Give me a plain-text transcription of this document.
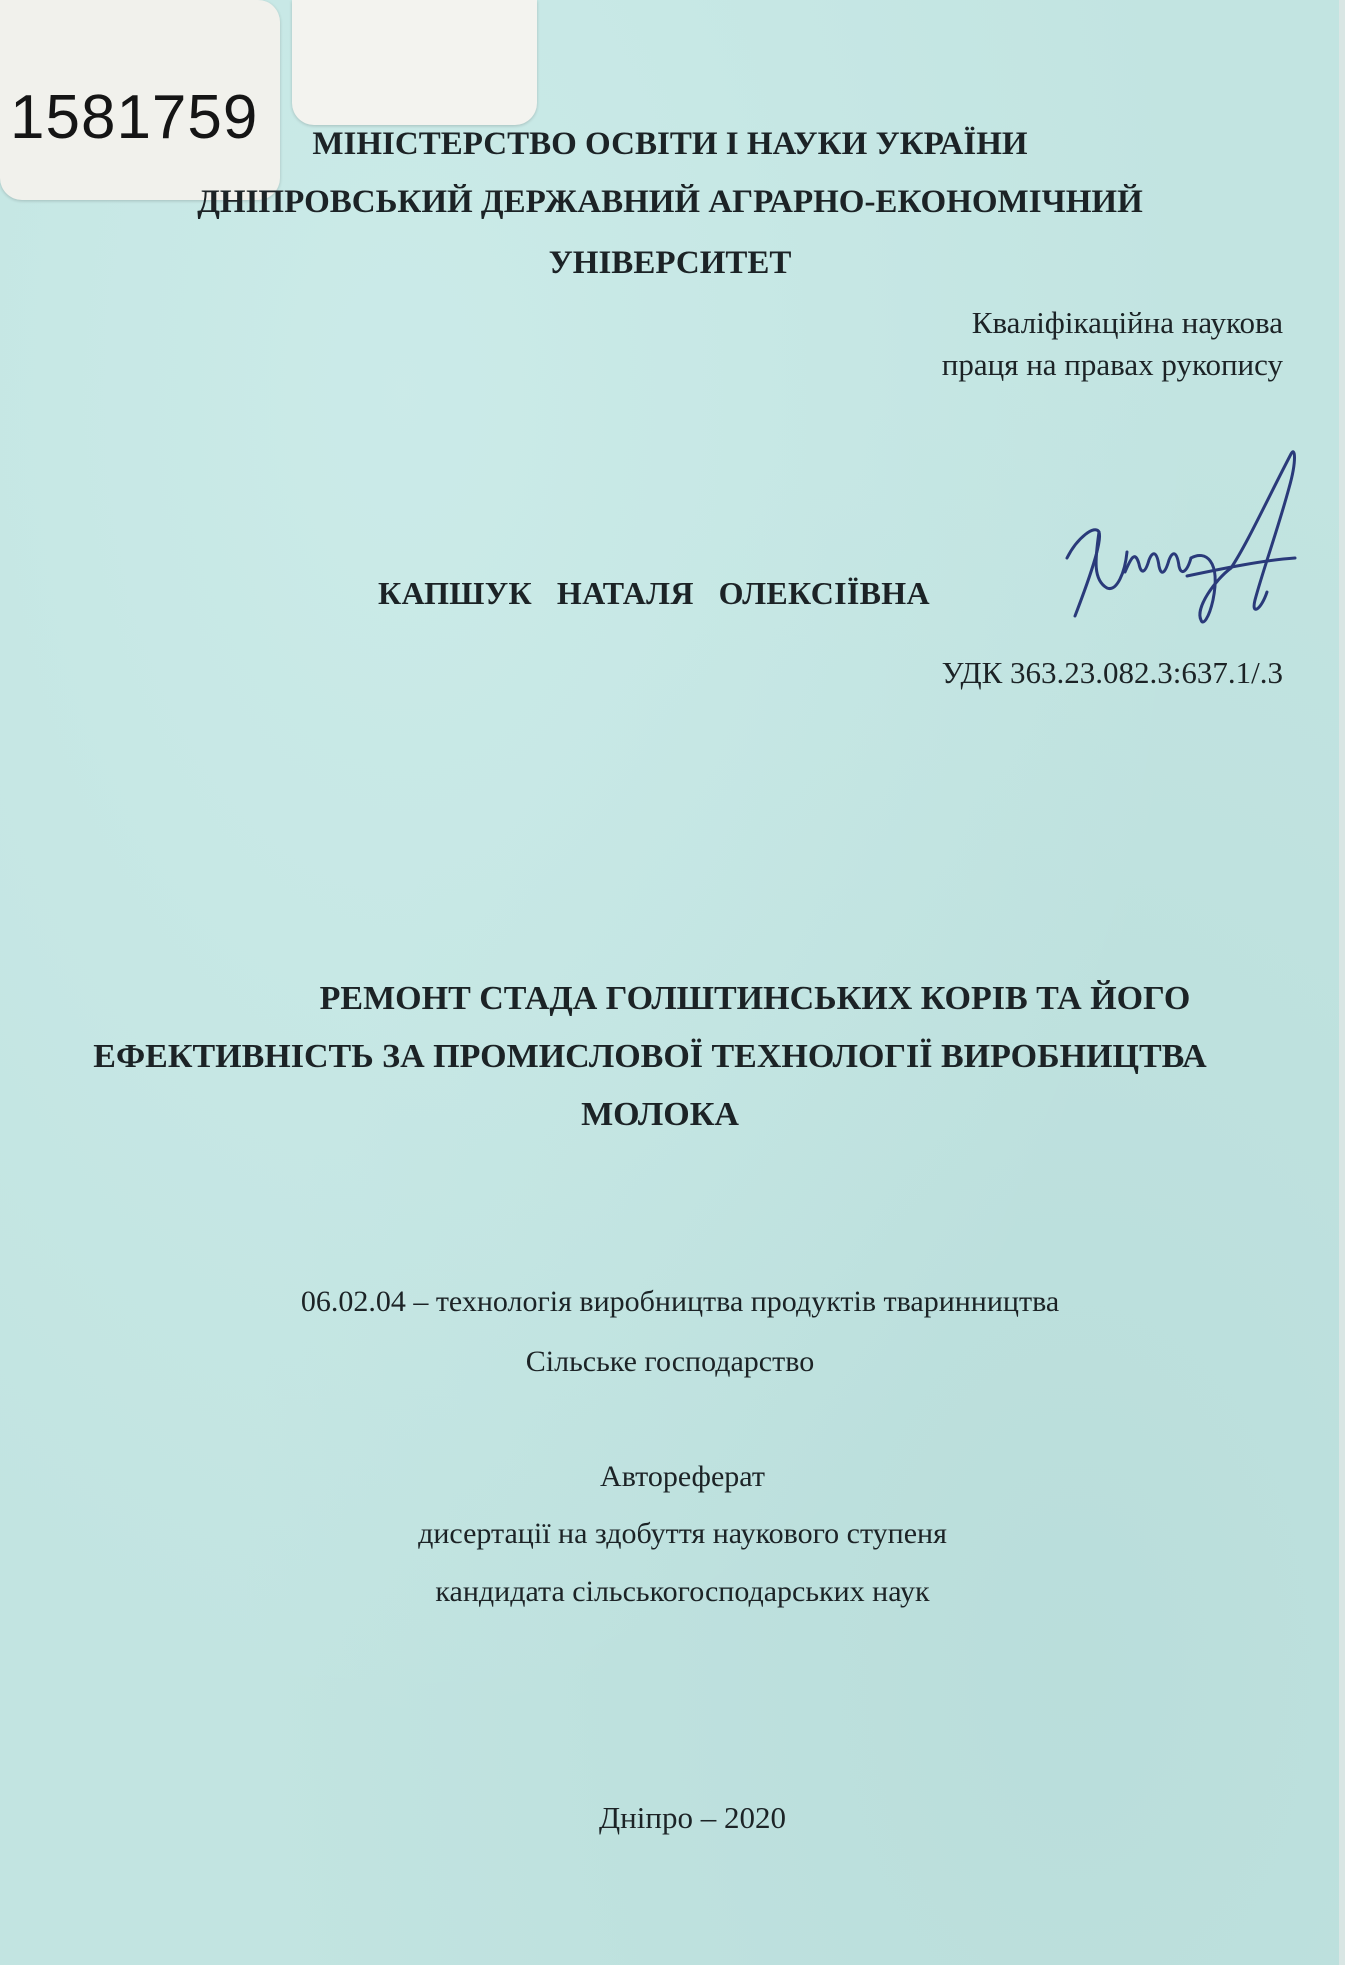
1581759	МІНІСТЕРСТВО ОСВІТИ І НАУКИ УКРАЇНИ
ДНІПРОВСЬКИЙ ДЕРЖАВНИЙ АГРАРНО-ЕКОНОМІЧНИЙ
УНІВЕРСИТЕТ
Кваліфікаційна наукова
праця на правах рукопису
КАПШУК   НАТАЛЯ   ОЛЕКСІЇВНА
УДК 363.23.082.3:637.1/.3
РЕМОНТ СТАДА ГОЛШТИНСЬКИХ КОРІВ ТА ЙОГО
ЕФЕКТИВНІСТЬ ЗА ПРОМИСЛОВОЇ ТЕХНОЛОГІЇ ВИРОБНИЦТВА
МОЛОКА
06.02.04 – технологія виробництва продуктів тваринництва
Сільське господарство
Автореферат
дисертації на здобуття наукового ступеня
кандидата сільськогосподарських наук
Дніпро – 2020
